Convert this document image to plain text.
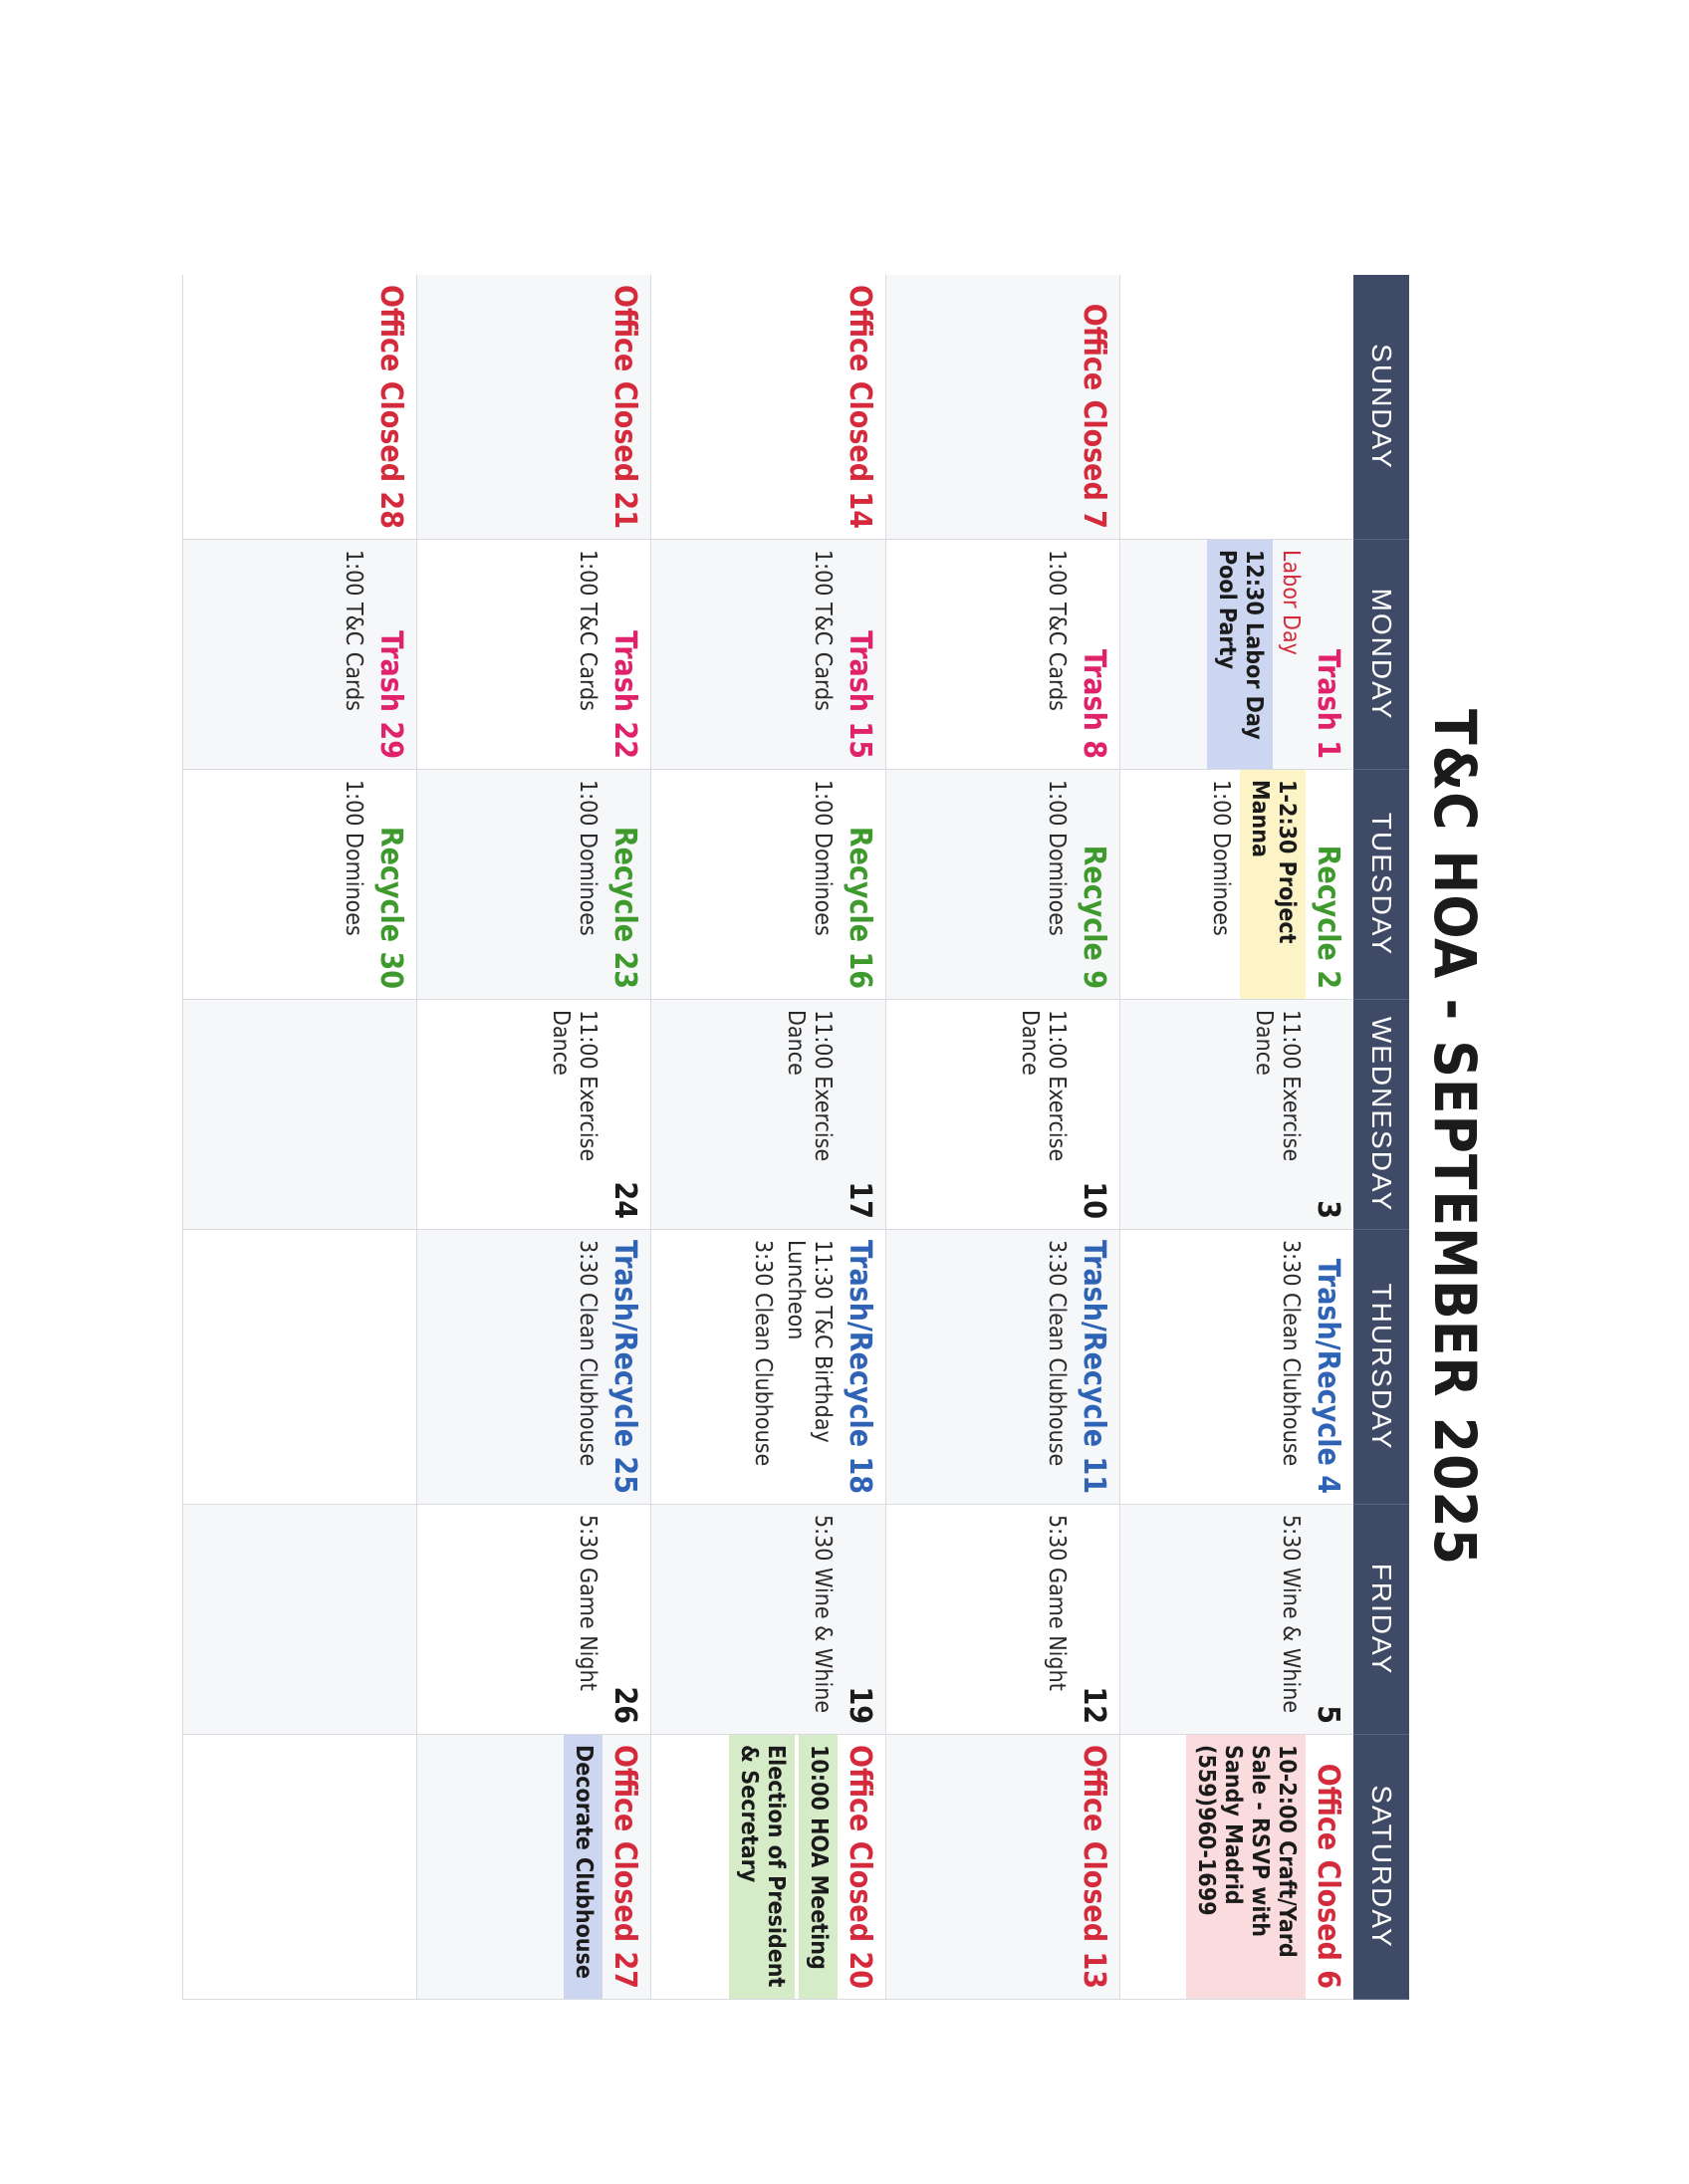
T&C HOA - SEPTEMBER 2025
SUNDAY
MONDAY
TUESDAY
WEDNESDAY
THURSDAY
FRIDAY
SATURDAY
Trash 1
Labor Day
12:30 Labor Day Pool Party
Recycle 2
1-2:30 Project Manna
1:00 Dominoes
3
11:00 Exercise Dance
Trash/Recycle 4
3:30 Clean Clubhouse
5
5:30 Wine & Whine
Office Closed 6
10-2:00 Craft/Yard Sale - RSVP with Sandy Madrid (559)960-1699
Office Closed 7
Trash 8
1:00 T&C Cards
Recycle 9
1:00 Dominoes
10
11:00 Exercise Dance
Trash/Recycle 11
3:30 Clean Clubhouse
12
5:30 Game Night
Office Closed 13
Office Closed 14
Trash 15
1:00 T&C Cards
Recycle 16
1:00 Dominoes
17
11:00 Exercise Dance
Trash/Recycle 18
11:30 T&C Birthday Luncheon
3:30 Clean Clubhouse
19
5:30 Wine & Whine
Office Closed 20
10:00 HOA Meeting
Election of President & Secretary
Office Closed 21
Trash 22
1:00 T&C Cards
Recycle 23
1:00 Dominoes
24
11:00 Exercise Dance
Trash/Recycle 25
3:30 Clean Clubhouse
26
5:30 Game Night
Office Closed 27
Decorate Clubhouse
Office Closed 28
Trash 29
1:00 T&C Cards
Recycle 30
1:00 Dominoes
